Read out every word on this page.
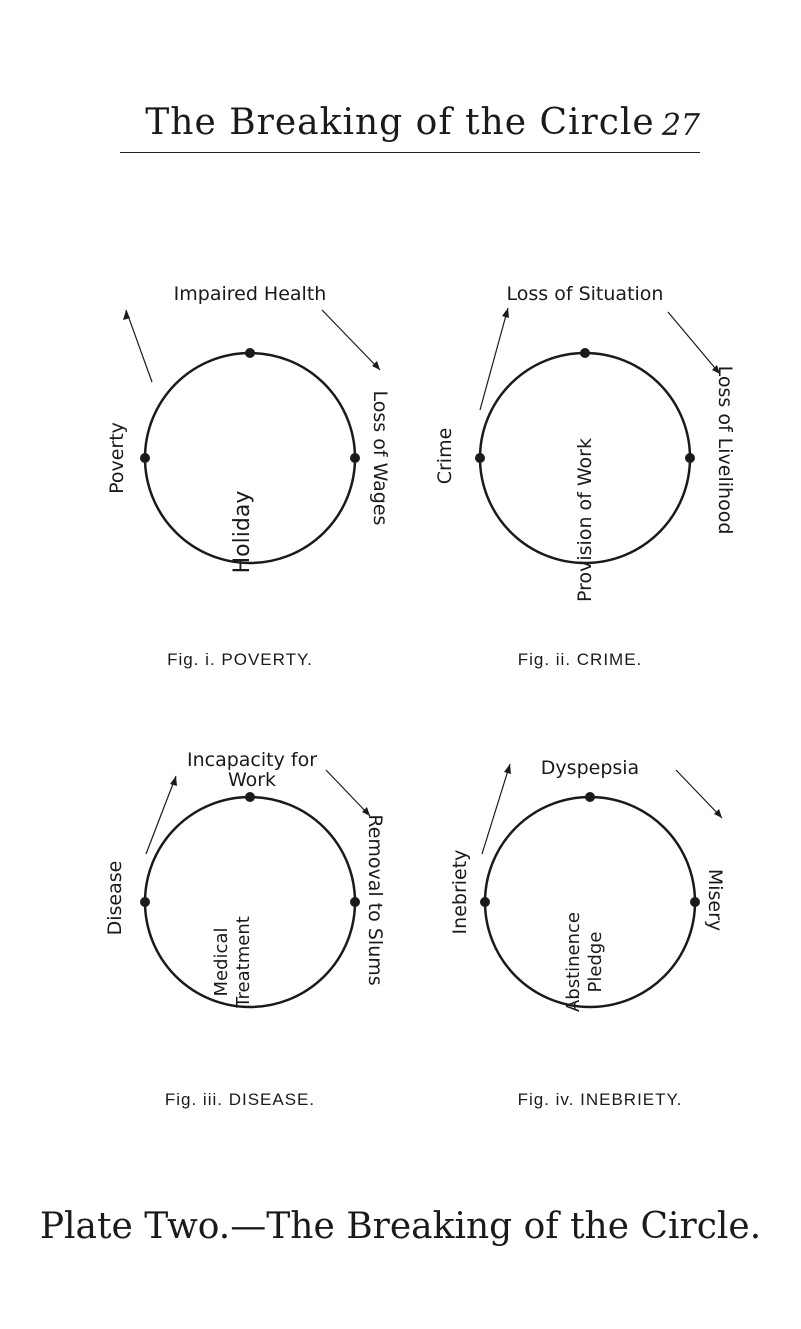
The Breaking of the Circle 27
Impaired Health
Poverty	Loss of Wages
Holiday
Fig. i. POVERTY.
Loss of Situation
Crime	Loss of Livelihood
Provision of Work
Fig. ii. CRIME.
Incapacity for Work
Disease	Removal to Slums
Medical Treatment
Fig. iii. DISEASE.
Dyspepsia
Inebriety	Misery
Abstinence Pledge
Fig. iv. INEBRIETY.
Plate Two.—The Breaking of the Circle.
